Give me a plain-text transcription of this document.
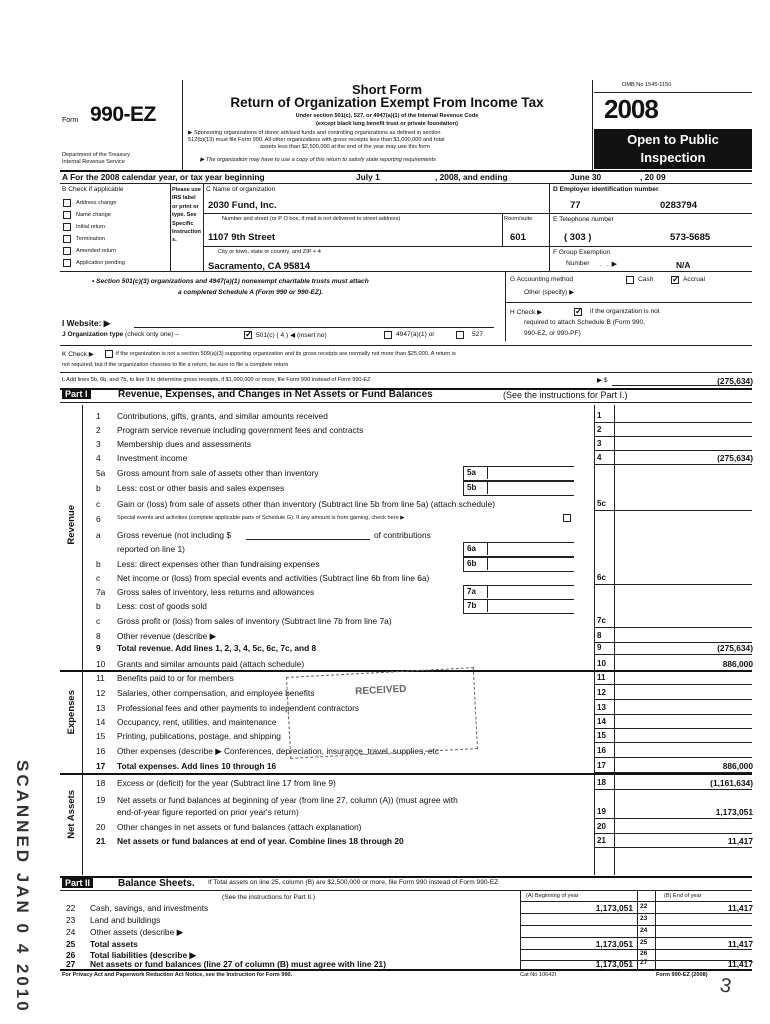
Form 990-EZ
Department of the Treasury
Internal Revenue Service
Short Form
Return of Organization Exempt From Income Tax
Under section 501(c), 527, or 4947(a)(1) of the Internal Revenue Code
(except black lung benefit trust or private foundation)
▶ Sponsoring organizations of donor advised funds and controlling organizations as defined in section
512(b)(13) must file Form 990. All other organizations with gross receipts less than $1,000,000 and total
assets less than $2,500,000 at the end of the year may use this form
▶ The organization may have to use a copy of this return to satisfy state reporting requirements
OMB No 1545-1150
2008
Open to Public
Inspection
A For the 2008 calendar year, or tax year beginning	July 1	, 2008, and ending	June 30	, 20 09
B Check if applicable
Address change
Name change
Initial return
Termination
Amended return
Application pending
Please use IRS label or print or type. See Specific Instructions.
C Name of organization
2030 Fund, Inc.
Number and street (or P O box, if mail is not delivered to street address)	Room/suite
1107 9th Street	601
City or town, state or country, and ZIP + 4
Sacramento, CA 95814
D Employer identification number
77	0283794
E Telephone number
( 303 )	573-5685
F Group Exemption
Number .  .  ▶	N/A
• Section 501(c)(3) organizations and 4947(a)(1) nonexempt charitable trusts must attach
a completed Schedule A (Form 990 or 990-EZ).
G Accounting method	Cash ✓	Accrual
Other (specify) ▶
H Check ▶ ✓	if the organization is not
required to attach Schedule B (Form 990,
990-EZ, or 990-PF)
I Website: ▶
J Organization type (check only one) – ✓	501(c) ( 4 ) ◀ (insert no)	4947(a)(1) or	527
K Check ▶	if the organization is not a section 509(a)(3) supporting organization and its gross receipts are normally not more than $25,000. A return is
not required, but if the organization chooses to file a return, be sure to file a complete return
L Add lines 5b, 6b, and 7b, to line 9 to determine gross receipts, if $1,000,000 or more, file Form 990 instead of Form 990-EZ	▶ $	(275,634)
Part I	Revenue, Expenses, and Changes in Net Assets or Fund Balances	(See the instructions for Part I.)
Revenue
Expenses
Net Assets
1	Contributions, gifts, grants, and similar amounts received	1
2	Program service revenue including government fees and contracts	2
3	Membership dues and assessments	3
4	Investment income	4	(275,634)
5a	Gross amount from sale of assets other than inventory	5a
b	Less: cost or other basis and sales expenses	5b
c	Gain or (loss) from sale of assets other than inventory (Subtract line 5b from line 5a) (attach schedule)	5c
6	Special events and activities (complete applicable parts of Schedule G). If any amount is from gaming, check here ▶
a	Gross revenue (not including $	of contributions
reported on line 1)	6a
b	Less: direct expenses other than fundraising expenses	6b
c	Net income or (loss) from special events and activities (Subtract line 6b from line 6a)	6c
7a	Gross sales of inventory, less returns and allowances	7a
b	Less: cost of goods sold	7b
c	Gross profit or (loss) from sales of inventory (Subtract line 7b from line 7a)	7c
8	Other revenue (describe ▶	8
9	Total revenue. Add lines 1, 2, 3, 4, 5c, 6c, 7c, and 8	9	(275,634)
10	Grants and similar amounts paid (attach schedule)	10	886,000
11	Benefits paid to or for members	11
12	Salaries, other compensation, and employee benefits	12
13	Professional fees and other payments to independent contractors	13
14	Occupancy, rent, utilities, and maintenance	14
15	Printing, publications, postage, and shipping	15
16	Other expenses (describe ▶ Conferences, depreciation, insurance, travel, supplies, etc	16
17	Total expenses. Add lines 10 through 16	17	886,000
18	Excess or (deficit) for the year (Subtract line 17 from line 9)	18	(1,161,634)
19	Net assets or fund balances at beginning of year (from line 27, column (A)) (must agree with
end-of-year figure reported on prior year's return)	19	1,173,051
20	Other changes in net assets or fund balances (attach explanation)	20
21	Net assets or fund balances at end of year. Combine lines 18 through 20	21	11,417
Part II	Balance Sheets. If Total assets on line 25, column (B) are $2,500,000 or more, file Form 990 instead of Form 990-EZ
(See the instructions for Part II.)	(A) Beginning of year	(B) End of year
22 Cash, savings, and investments	1,173,051 22	11,417
23 Land and buildings	23
24 Other assets (describe ▶	24
25 Total assets	1,173,051 25	11,417
26 Total liabilities (describe ▶	26
27 Net assets or fund balances (line 27 of column (B) must agree with line 21)	1,173,051 27	11,417
For Privacy Act and Paperwork Reduction Act Notice, see the Instruction for Form 990.	Cat No 10642I	Form 990-EZ (2008)
SCANNED JAN 0 4 2010
RECEIVED
3
